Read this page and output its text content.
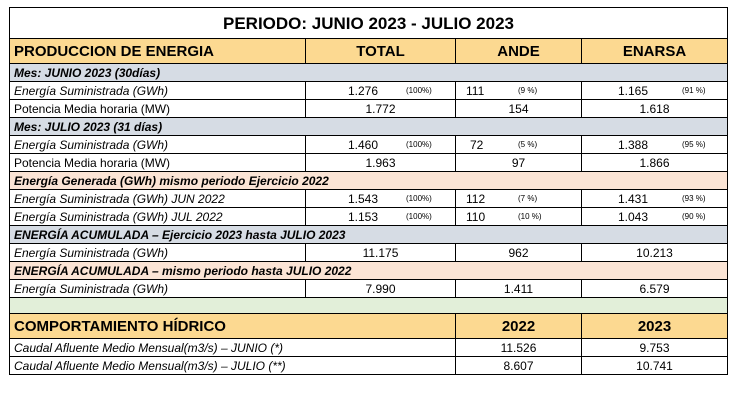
PERIODO: JUNIO 2023 - JULIO 2023			
PRODUCCION DE ENERGIA	TOTAL	ANDE	ENARSA
Mes: JUNIO 2023 (30días)			
Energía Suministrada (GWh)	1.276 (100%)	111 (9 %)	1.165 (91 %)

Potencia Media horaria (MW)	1.772	154	1.618
Mes: JULIO 2023 (31 días)			
Energía Suministrada (GWh)	1.460 (100%)	72 (5 %)	1.388 (95 %)

Potencia Media horaria (MW)	1.963	97	1.866
Energía Generada (GWh) mismo periodo Ejercicio 2022			
Energía Suministrada (GWh) JUN 2022	1.543 (100%)	112 (7 %)	1.431 (93 %)

Energía Suministrada (GWh) JUL 2022	1.153 (100%)	110 (10 %)	1.043 (90 %)

ENERGÍA ACUMULADA – Ejercicio 2023 hasta JULIO 2023			
Energía Suministrada (GWh)	11.175	962	10.213
ENERGÍA ACUMULADA – mismo periodo hasta JULIO 2022			
Energía Suministrada (GWh)	7.990	1.411	6.579

COMPORTAMIENTO HÍDRICO		2022	2023
Caudal Afluente Medio Mensual(m3/s) – JUNIO (*)		11.526	9.753
Caudal Afluente Medio Mensual(m3/s) – JULIO (**)		8.607	10.741
